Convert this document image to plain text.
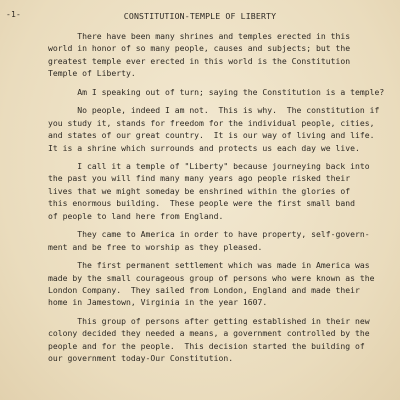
-1-	CONSTITUTION-TEMPLE OF LIBERTY
There have been many shrines and temples erected in this
world in honor of so many people, causes and subjects; but the
greatest temple ever erected in this world is the Constitution
Temple of Liberty.
Am I speaking out of turn; saying the Constitution is a temple?
No people, indeed I am not.  This is why.  The constitution if
you study it, stands for freedom for the individual people, cities,
and states of our great country.  It is our way of living and life.
It is a shrine which surrounds and protects us each day we live.
I call it a temple of "Liberty" because journeying back into
the past you will find many many years ago people risked their
lives that we might someday be enshrined within the glories of
this enormous building.  These people were the first small band
of people to land here from England.
They came to America in order to have property, self-govern-
ment and be free to worship as they pleased.
The first permanent settlement which was made in America was
made by the small courageous group of persons who were known as the
London Company.  They sailed from London, England and made their
home in Jamestown, Virginia in the year 1607.
This group of persons after getting established in their new
colony decided they needed a means, a government controlled by the
people and for the people.  This decision started the building of
our government today-Our Constitution.
